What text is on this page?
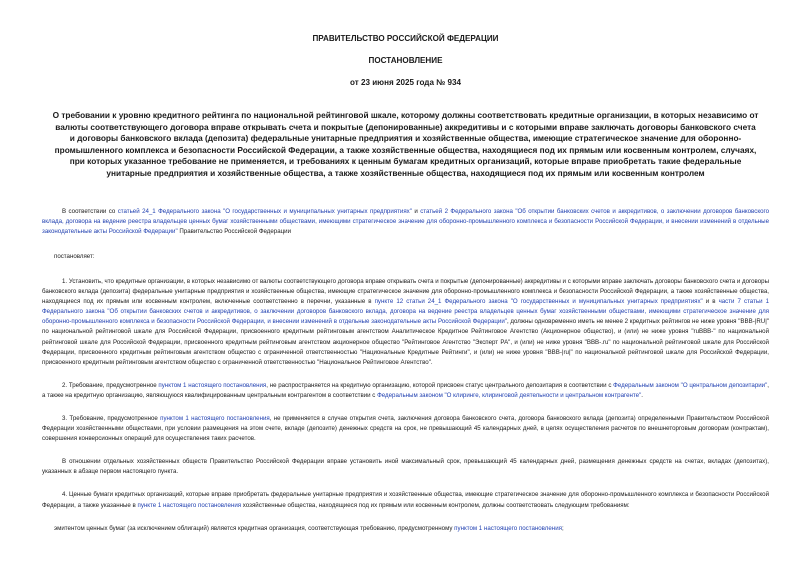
ПРАВИТЕЛЬСТВО РОССИЙСКОЙ ФЕДЕРАЦИИ
ПОСТАНОВЛЕНИЕ
от 23 июня 2025 года № 934
О требовании к уровню кредитного рейтинга по национальной рейтинговой шкале, которому должны соответствовать кредитные организации, в которых независимо от валюты соответствующего договора вправе открывать счета и покрытые (депонированные) аккредитивы и с которыми вправе заключать договоры банковского счета и договоры банковского вклада (депозита) федеральные унитарные предприятия и хозяйственные общества, имеющие стратегическое значение для оборонно-промышленного комплекса и безопасности Российской Федерации, а также хозяйственные общества, находящиеся под их прямым или косвенным контролем, случаях, при которых указанное требование не применяется, и требованиях к ценным бумагам кредитных организаций, которые вправе приобретать такие федеральные унитарные предприятия и хозяйственные общества, а также хозяйственные общества, находящиеся под их прямым или косвенным контролем

В соответствии со статьей 24_1 Федерального закона "О государственных и муниципальных унитарных предприятиях" и статьей 2 Федерального закона "Об открытии банковских счетов и аккредитивов, о заключении договоров банковского вклада, договора на ведение реестра владельцев ценных бумаг хозяйственными обществами, имеющими стратегическое значение для оборонно-промышленного комплекса и безопасности Российской Федерации, и внесении изменений в отдельные законодательные акты Российской Федерации" Правительство Российской Федерации

постановляет:

1. Установить, что кредитные организации, в которых независимо от валюты соответствующего договора вправе открывать счета и покрытые (депонированные) аккредитивы и с которыми вправе заключать договоры банковского счета и договоры банковского вклада (депозита) федеральные унитарные предприятия и хозяйственные общества, имеющие стратегическое значение для оборонно-промышленного комплекса и безопасности Российской Федерации, а также хозяйственные общества, находящиеся под их прямым или косвенным контролем, включенные соответственно в перечни, указанные в пункте 12 статьи 24_1 Федерального закона "О государственных и муниципальных унитарных предприятиях" и в части 7 статьи 1 Федерального закона "Об открытии банковских счетов и аккредитивов, о заключении договоров банковского вклада, договора на ведение реестра владельцев ценных бумаг хозяйственными обществами, имеющими стратегическое значение для оборонно-промышленного комплекса и безопасности Российской Федерации, и внесении изменений в отдельные законодательные акты Российской Федерации", должны одновременно иметь не менее 2 кредитных рейтингов не ниже уровня "BBB-|RU|" по национальной рейтинговой шкале для Российской Федерации, присвоенного кредитным рейтинговым агентством Аналитическое Кредитное Рейтинговое Агентство (Акционерное общество), и (или) не ниже уровня "ruBBB-" по национальной рейтинговой шкале для Российской Федерации, присвоенного кредитным рейтинговым агентством акционерное общество "Рейтинговое Агентство "Эксперт РА", и (или) не ниже уровня "BBB-.ru" по национальной рейтинговой шкале для Российской Федерации, присвоенного кредитным рейтинговым агентством общество с ограниченной ответственностью "Национальные Кредитные Рейтинги", и (или) не ниже уровня "BBB-|ru|" по национальной рейтинговой шкале для Российской Федерации, присвоенного кредитным рейтинговым агентством общество с ограниченной ответственностью "Национальное Рейтинговое Агентство".

2. Требование, предусмотренное пунктом 1 настоящего постановления, не распространяется на кредитную организацию, которой присвоен статус центрального депозитария в соответствии с Федеральным законом "О центральном депозитарии", а также на кредитную организацию, являющуюся квалифицированным центральным контрагентом в соответствии с Федеральным законом "О клиринге, клиринговой деятельности и центральном контрагенте".

3. Требование, предусмотренное пунктом 1 настоящего постановления, не применяется в случае открытия счета, заключения договора банковского счета, договора банковского вклада (депозита) определенными Правительством Российской Федерации хозяйственными обществами, при условии размещения на этом счете, вкладе (депозите) денежных средств на срок, не превышающий 45 календарных дней, в целях осуществления расчетов по внешнеторговым договорам (контрактам), совершения конверсионных операций для осуществления таких расчетов.

В отношении отдельных хозяйственных обществ Правительство Российской Федерации вправе установить иной максимальный срок, превышающий 45 календарных дней, размещения денежных средств на счетах, вкладах (депозитах), указанных в абзаце первом настоящего пункта.

4. Ценные бумаги кредитных организаций, которые вправе приобретать федеральные унитарные предприятия и хозяйственные общества, имеющие стратегическое значение для оборонно-промышленного комплекса и безопасности Российской Федерации, а также указанные в пункте 1 настоящего постановления хозяйственные общества, находящиеся под их прямым или косвенным контролем, должны соответствовать следующим требованиям:

эмитентом ценных бумаг (за исключением облигаций) является кредитная организация, соответствующая требованию, предусмотренному пунктом 1 настоящего постановления;
